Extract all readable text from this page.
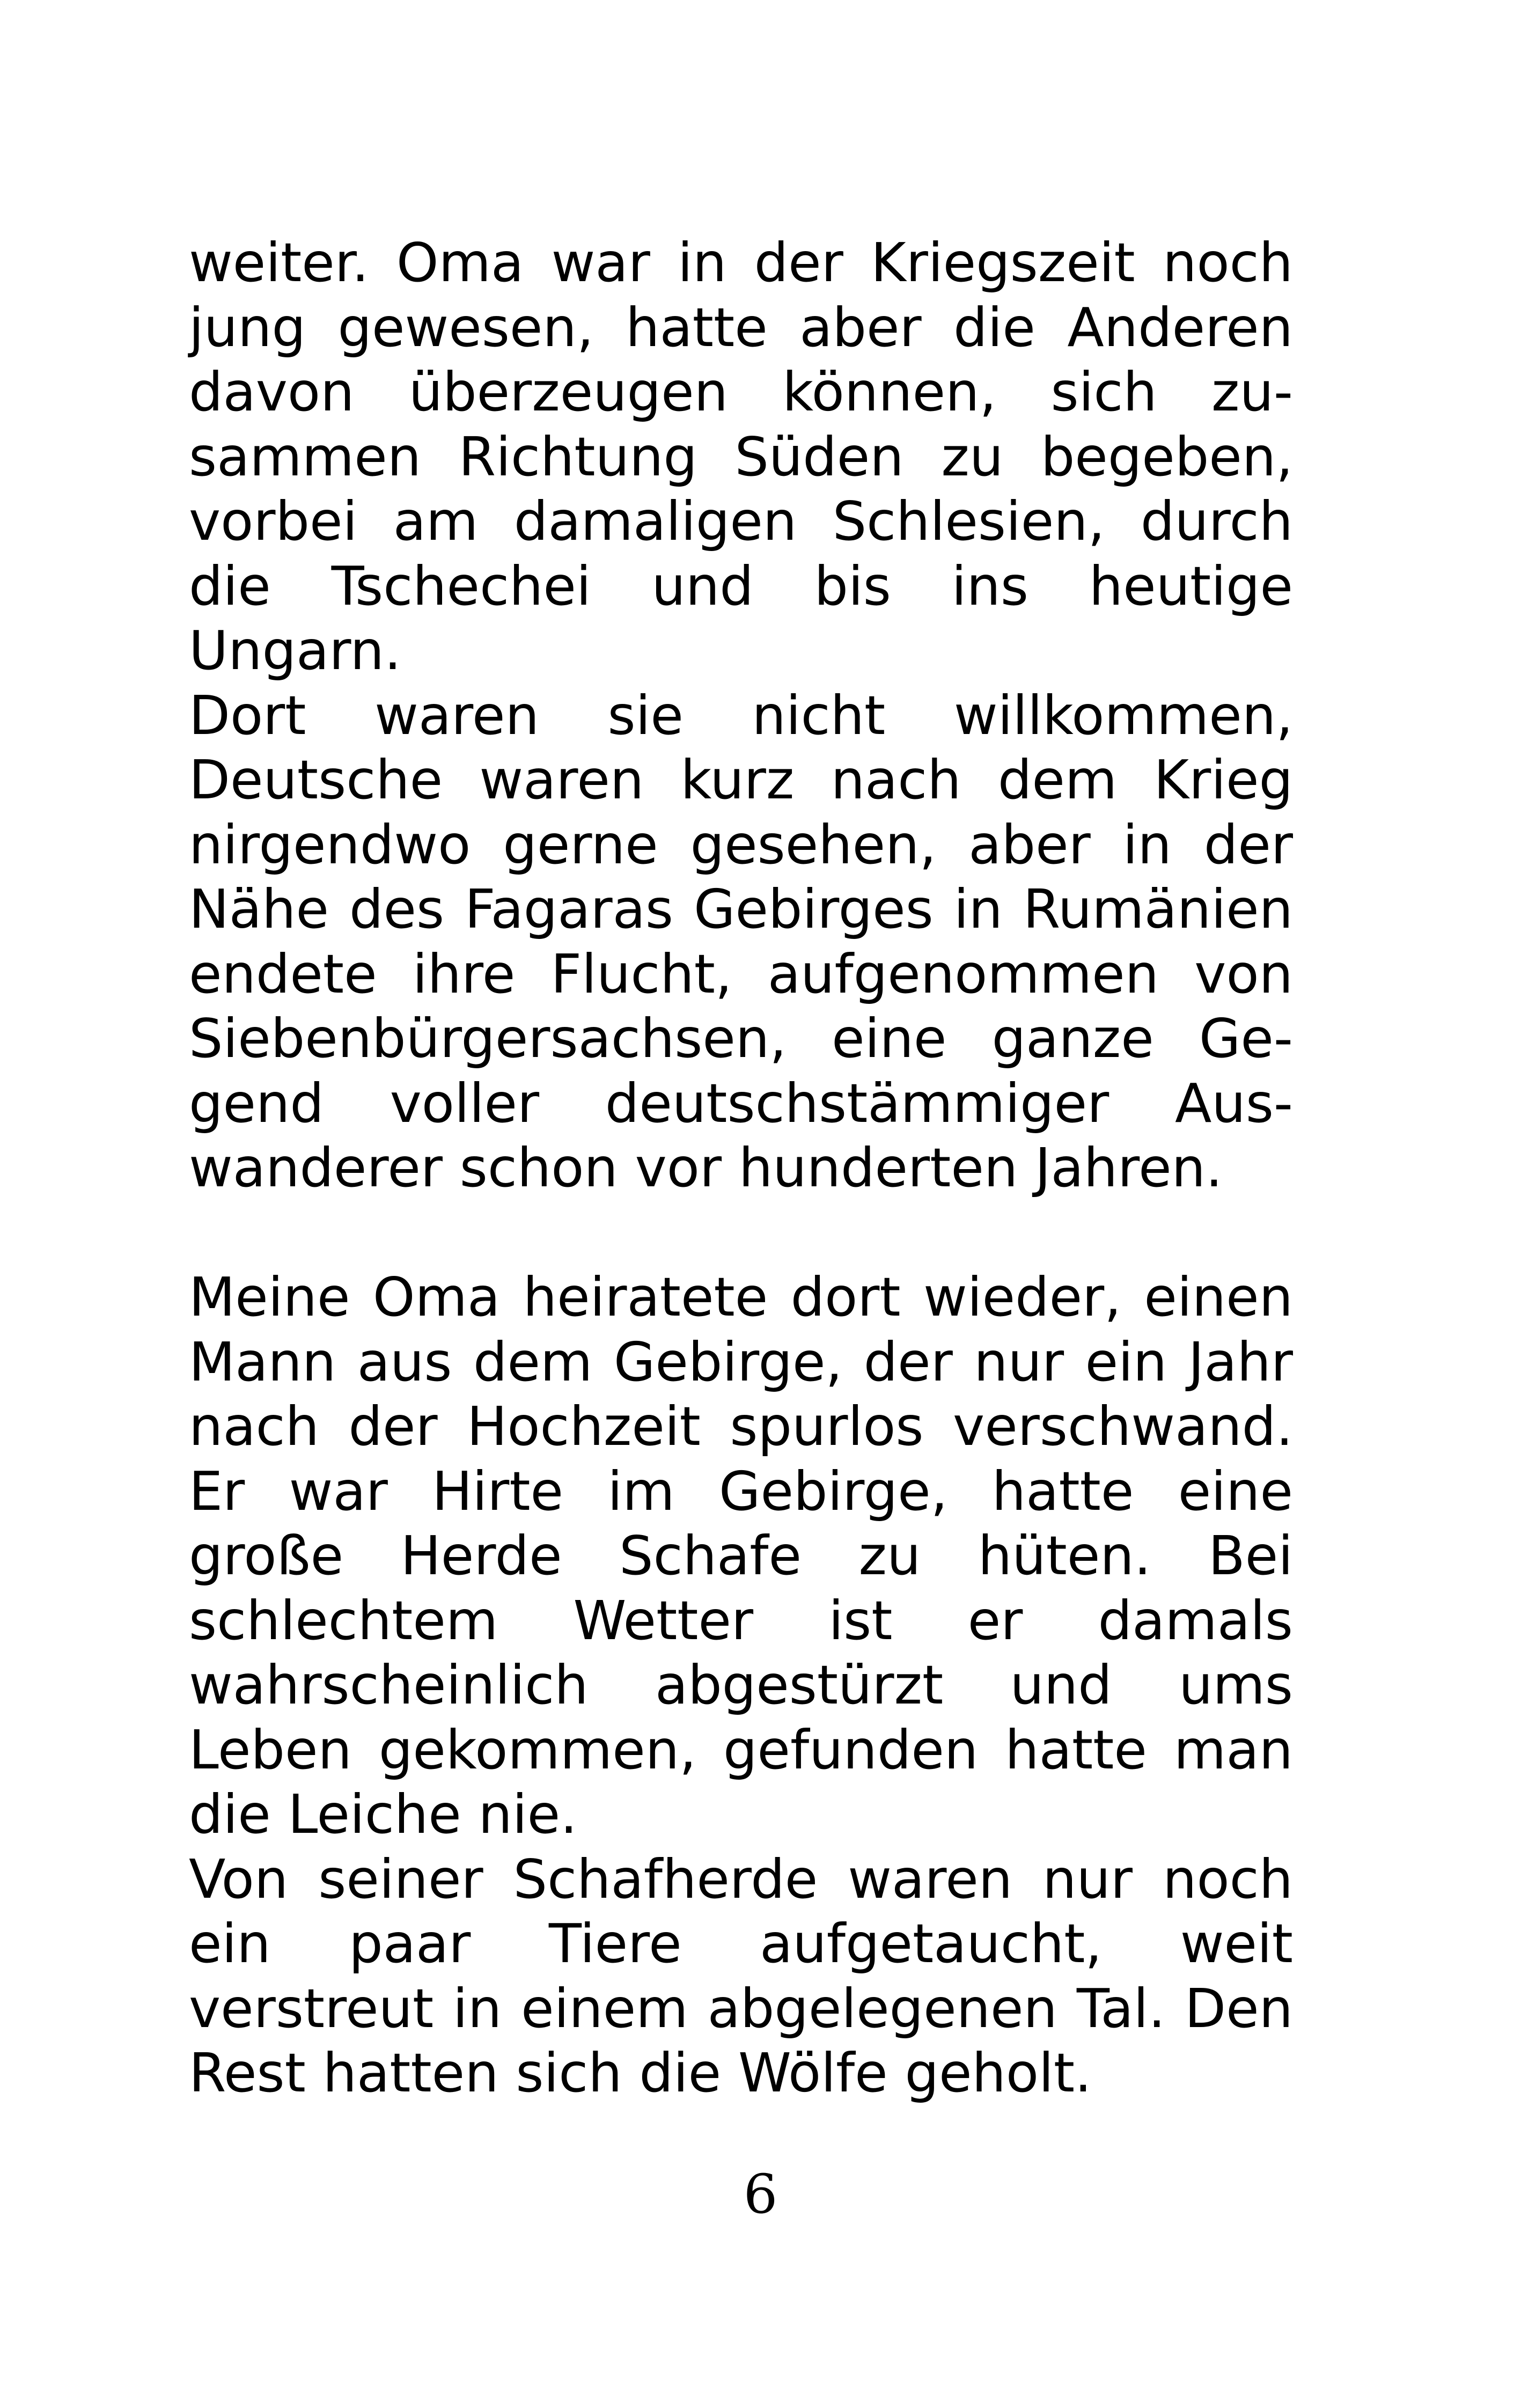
weiter. Oma war in der Kriegszeit noch
jung gewesen, hatte aber die Anderen
davon überzeugen können, sich zu-
sammen Richtung Süden zu begeben,
vorbei am damaligen Schlesien, durch
die Tschechei und bis ins heutige
Ungarn.
Dort waren sie nicht willkommen,
Deutsche waren kurz nach dem Krieg
nirgendwo gerne gesehen, aber in der
Nähe des Fagaras Gebirges in Rumänien
endete ihre Flucht, aufgenommen von
Siebenbürgersachsen, eine ganze Ge-
gend voller deutschstämmiger Aus-
wanderer schon vor hunderten Jahren.
Meine Oma heiratete dort wieder, einen
Mann aus dem Gebirge, der nur ein Jahr
nach der Hochzeit spurlos verschwand.
Er war Hirte im Gebirge, hatte eine
große Herde Schafe zu hüten. Bei
schlechtem Wetter ist er damals
wahrscheinlich abgestürzt und ums
Leben gekommen, gefunden hatte man
die Leiche nie.
Von seiner Schafherde waren nur noch
ein paar Tiere aufgetaucht, weit
verstreut in einem abgelegenen Tal. Den
Rest hatten sich die Wölfe geholt.
6
